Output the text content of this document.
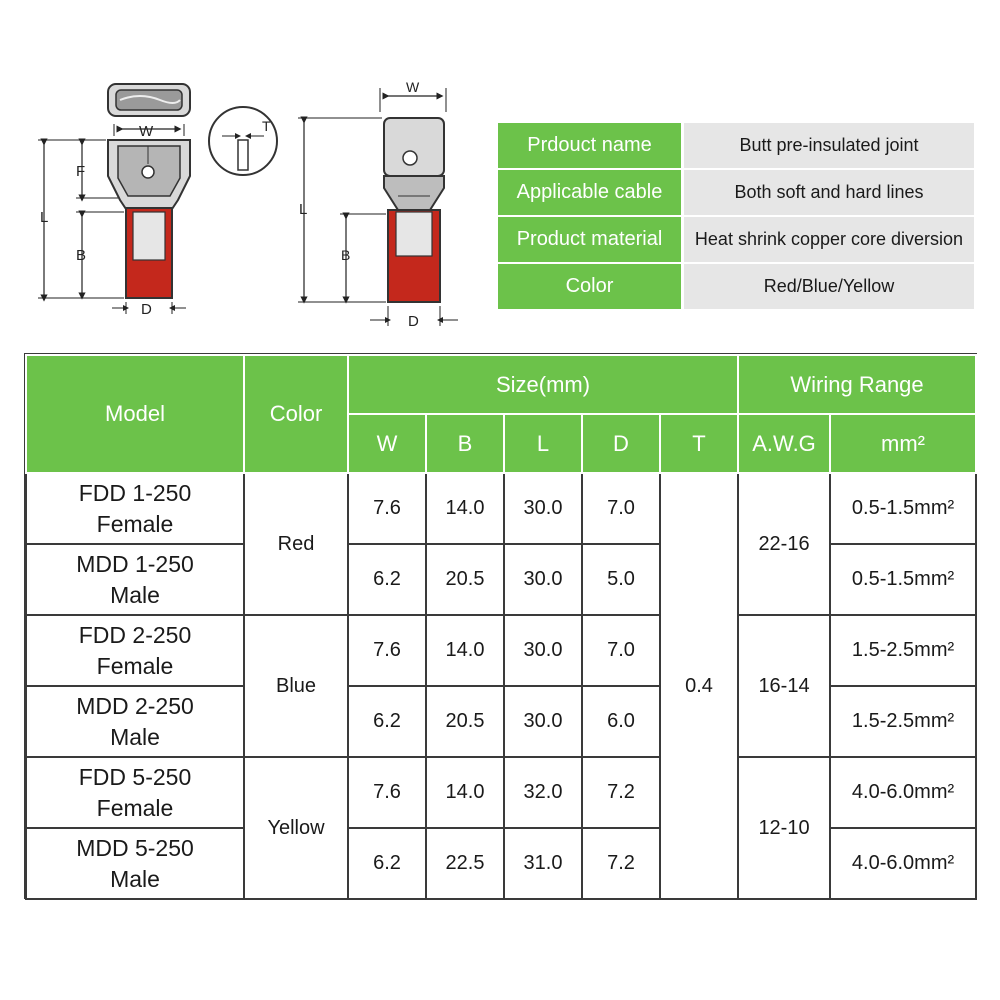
W
L
F
B
D
T
W
L
B
D
Prdouct name	Butt pre-insulated joint
Applicable cable	Both soft and hard lines
Product material	Heat shrink copper core diversion
Color	Red/Blue/Yellow
Model	Color	Size(mm)					Wiring Range	
		W	B	L	D	T	A.W.G	mm²
FDD 1-250
Female	Red	7.6	14.0	30.0	7.0	0.4	22-16	0.5-1.5mm²
MDD 1-250
Male		6.2	20.5	30.0	5.0			0.5-1.5mm²
FDD 2-250
Female	Blue	7.6	14.0	30.0	7.0		16-14	1.5-2.5mm²
MDD 2-250
Male		6.2	20.5	30.0	6.0			1.5-2.5mm²
FDD 5-250
Female	Yellow	7.6	14.0	32.0	7.2		12-10	4.0-6.0mm²
MDD 5-250
Male		6.2	22.5	31.0	7.2			4.0-6.0mm²
